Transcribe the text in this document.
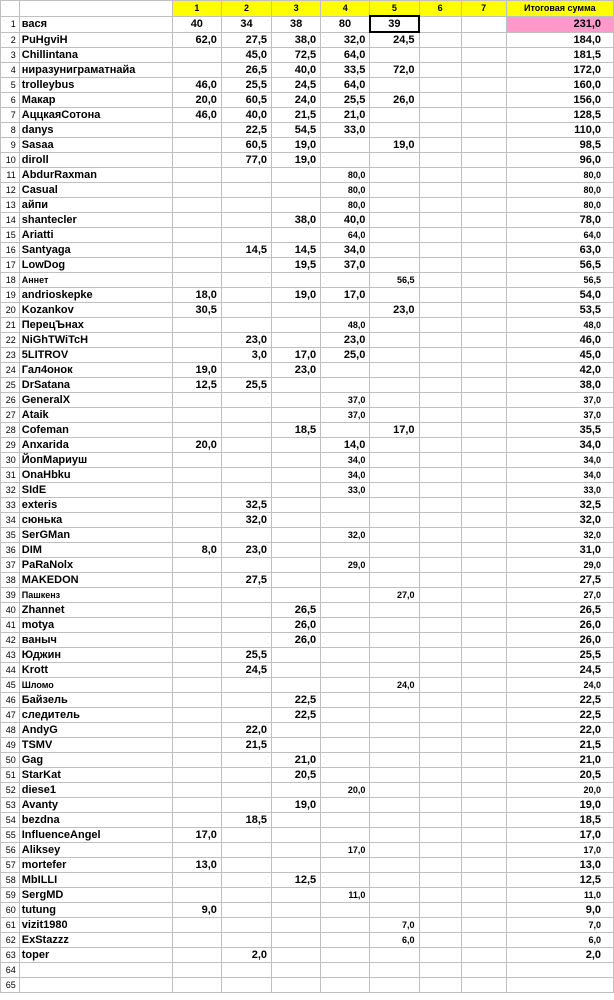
		1	2	3	4	5	6	7	Итоговая сумма
1	вася	40	34	38	80	39			231,0
2	PuHgviH	62,0	27,5	38,0	32,0	24,5			184,0
3	Chillintana		45,0	72,5	64,0				181,5
4	ниразуниграматнайа		26,5	40,0	33,5	72,0			172,0
5	trolleybus	46,0	25,5	24,5	64,0				160,0
6	Макар	20,0	60,5	24,0	25,5	26,0			156,0
7	АццкаяСотона	46,0	40,0	21,5	21,0				128,5
8	danys		22,5	54,5	33,0				110,0
9	Sasaa		60,5	19,0		19,0			98,5
10	diroll		77,0	19,0					96,0
11	AbdurRaxman				80,0				80,0
12	Casual				80,0				80,0
13	айпи				80,0				80,0
14	shantecler			38,0	40,0				78,0
15	Ariatti				64,0				64,0
16	Santyaga		14,5	14,5	34,0				63,0
17	LowDog			19,5	37,0				56,5
18	Аннет					56,5			56,5
19	andrioskepke	18,0		19,0	17,0				54,0
20	Kozankov	30,5				23,0			53,5
21	ПерецЪнах				48,0				48,0
22	NiGhTWiTcH		23,0		23,0				46,0
23	5LITROV		3,0	17,0	25,0				45,0
24	Гал4онок	19,0		23,0					42,0
25	DrSatana	12,5	25,5						38,0
26	GeneralX				37,0				37,0
27	Ataik				37,0				37,0
28	Cofeman			18,5		17,0			35,5
29	Anxarida	20,0			14,0				34,0
30	ЙопМариуш				34,0				34,0
31	OnaHbku				34,0				34,0
32	SIdE				33,0				33,0
33	exteris		32,5						32,5
34	сюнька		32,0						32,0
35	SerGMan				32,0				32,0
36	DIM	8,0	23,0						31,0
37	PaRaNolx				29,0				29,0
38	MAKEDON		27,5						27,5
39	Пашкенз					27,0			27,0
40	Zhannet			26,5					26,5
41	motya			26,0					26,0
42	ваныч			26,0					26,0
43	Юджин		25,5						25,5
44	Krott		24,5						24,5
45	Шломо					24,0			24,0
46	Байзель			22,5					22,5
47	следитель			22,5					22,5
48	AndyG		22,0						22,0
49	TSMV		21,5						21,5
50	Gag			21,0					21,0
51	StarKat			20,5					20,5
52	diese1				20,0				20,0
53	Avanty			19,0					19,0
54	bezdna		18,5						18,5
55	InfluenceAngel	17,0							17,0
56	Aliksey				17,0				17,0
57	mortefer	13,0							13,0
58	MbILLI			12,5					12,5
59	SergMD				11,0				11,0
60	tutung	9,0							9,0
61	vizit1980					7,0			7,0
62	ExStazzz					6,0			6,0
63	toper		2,0						2,0
64									
65									
